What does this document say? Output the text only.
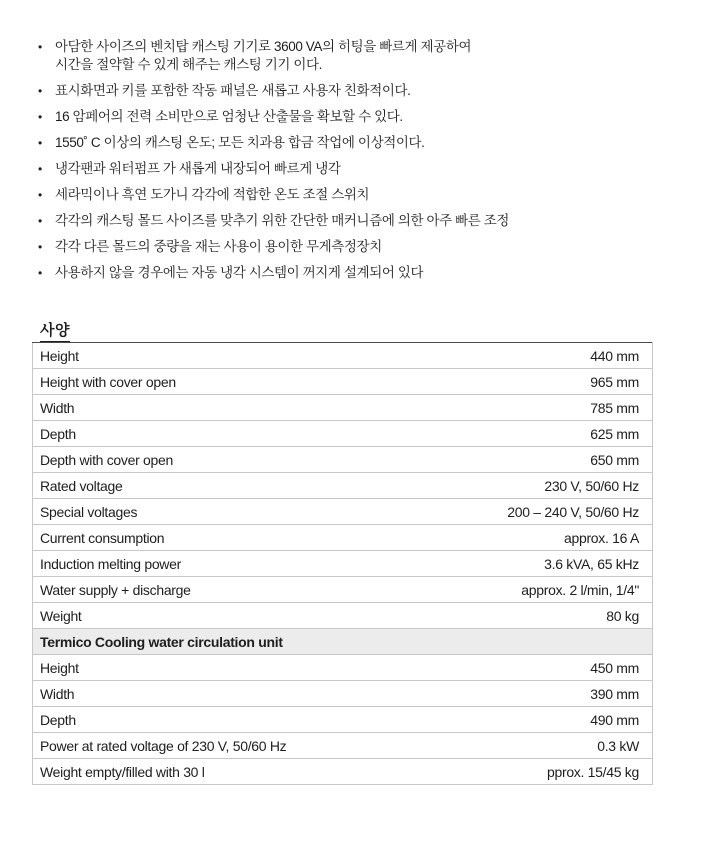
• 아담한 사이즈의 벤치탑 캐스팅 기기로 3600 VA의 히팅을 빠르게 제공하여
시간을 절약할 수 있게 해주는 캐스팅 기기 이다.
• 표시화면과 키를 포함한 작동 패널은 새롭고 사용자 친화적이다.
• 16 암페어의 전력 소비만으로 엄청난 산출물을 확보할 수 있다.
• 1550˚ C 이상의 캐스팅 온도; 모든 치과용 합금 작업에 이상적이다.
• 냉각팬과 워터펌프 가 새롭게 내장되어 빠르게 냉각
• 세라믹이나 흑연 도가니 각각에 적합한 온도 조절 스위치
• 각각의 캐스팅 몰드 사이즈를 맞추기 위한 간단한 매커니즘에 의한 아주 빠른 조정
• 각각 다른 몰드의 중량을 재는 사용이 용이한 무게측정장치
• 사용하지 않을 경우에는 자동 냉각 시스템이 꺼지게 설계되어 있다
사양
Height	440 mm
Height with cover open	965 mm
Width	785 mm
Depth	625 mm
Depth with cover open	650 mm
Rated voltage	230 V, 50/60 Hz
Special voltages	200 – 240 V, 50/60 Hz
Current consumption	approx. 16 A
Induction melting power	3.6 kVA, 65 kHz
Water supply + discharge	approx. 2 l/min, 1/4"
Weight	80 kg
Termico Cooling water circulation unit	
Height	450 mm
Width	390 mm
Depth	490 mm
Power at rated voltage of 230 V, 50/60 Hz	0.3 kW
Weight empty/filled with 30 l	pprox. 15/45 kg
